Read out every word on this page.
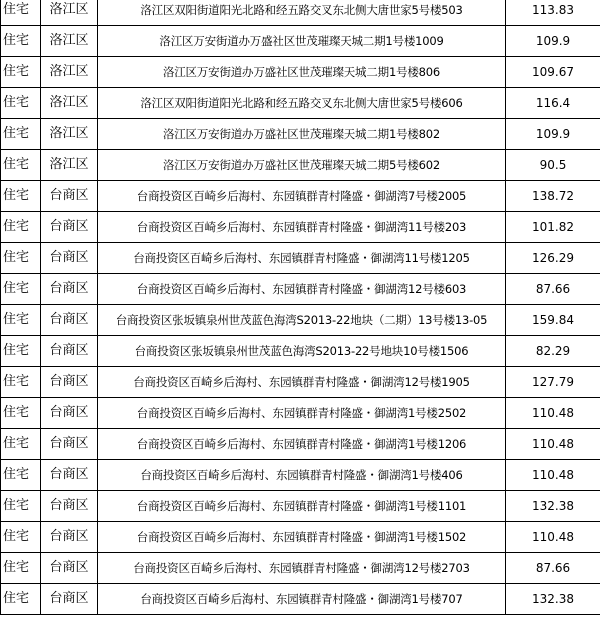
住宅	洛江区	洛江区双阳街道阳光北路和经五路交叉东北侧大唐世家5号楼503	113.83
住宅	洛江区	洛江区万安街道办万盛社区世茂璀璨天城二期1号楼1009	109.9
住宅	洛江区	洛江区万安街道办万盛社区世茂璀璨天城二期1号楼806	109.67
住宅	洛江区	洛江区双阳街道阳光北路和经五路交叉东北侧大唐世家5号楼606	116.4
住宅	洛江区	洛江区万安街道办万盛社区世茂璀璨天城二期1号楼802	109.9
住宅	洛江区	洛江区万安街道办万盛社区世茂璀璨天城二期5号楼602	90.5
住宅	台商区	台商投资区百崎乡后海村、东园镇群青村隆盛・御湖湾7号楼2005	138.72
住宅	台商区	台商投资区百崎乡后海村、东园镇群青村隆盛・御湖湾11号楼203	101.82
住宅	台商区	台商投资区百崎乡后海村、东园镇群青村隆盛・御湖湾11号楼1205	126.29
住宅	台商区	台商投资区百崎乡后海村、东园镇群青村隆盛・御湖湾12号楼603	87.66
住宅	台商区	台商投资区张坂镇泉州世茂蓝色海湾S2013-22地块（二期）13号楼13-05	159.84
住宅	台商区	台商投资区张坂镇泉州世茂蓝色海湾S2013-22号地块10号楼1506	82.29
住宅	台商区	台商投资区百崎乡后海村、东园镇群青村隆盛・御湖湾12号楼1905	127.79
住宅	台商区	台商投资区百崎乡后海村、东园镇群青村隆盛・御湖湾1号楼2502	110.48
住宅	台商区	台商投资区百崎乡后海村、东园镇群青村隆盛・御湖湾1号楼1206	110.48
住宅	台商区	台商投资区百崎乡后海村、东园镇群青村隆盛・御湖湾1号楼406	110.48
住宅	台商区	台商投资区百崎乡后海村、东园镇群青村隆盛・御湖湾1号楼1101	132.38
住宅	台商区	台商投资区百崎乡后海村、东园镇群青村隆盛・御湖湾1号楼1502	110.48
住宅	台商区	台商投资区百崎乡后海村、东园镇群青村隆盛・御湖湾12号楼2703	87.66
住宅	台商区	台商投资区百崎乡后海村、东园镇群青村隆盛・御湖湾1号楼707	132.38
